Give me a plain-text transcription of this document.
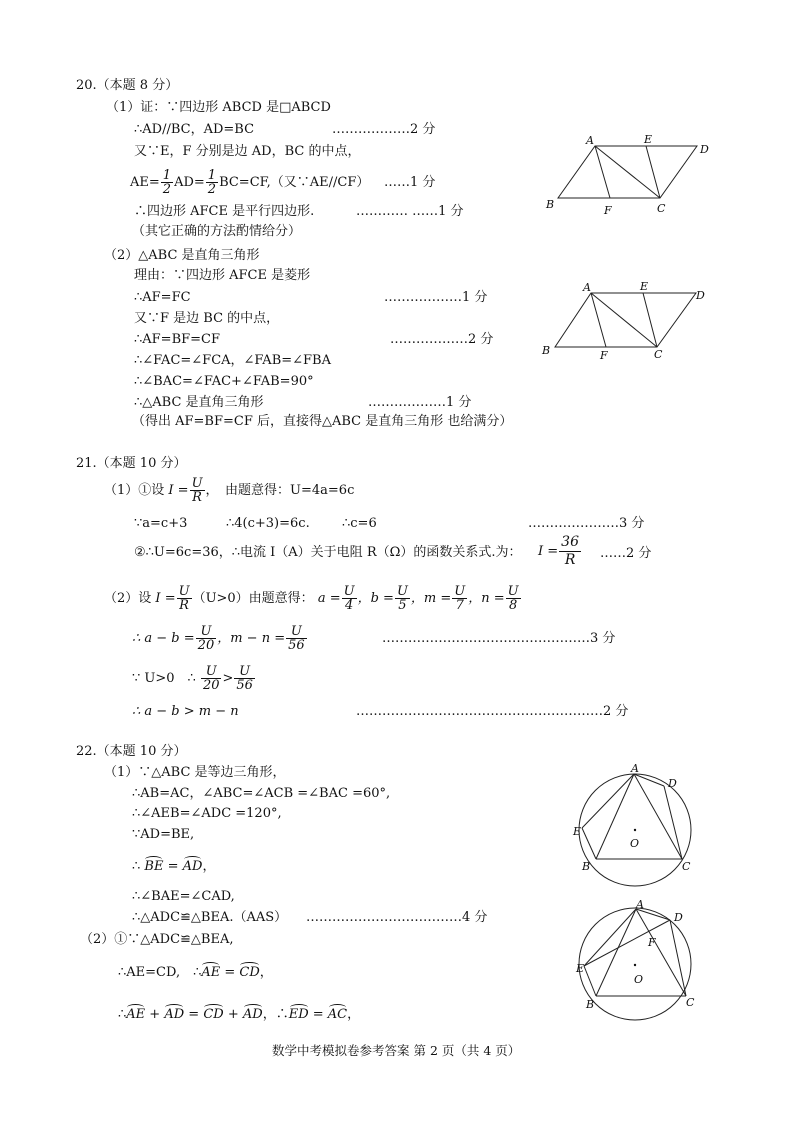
20.（本题 8 分）
（1）证：∵四边形 ABCD 是□ABCD
∴AD//BC，AD=BC	………………2 分
又∵E，F 分别是边 AD，BC 的中点，
$AE= \frac{1}{2} AD= \frac{1}{2} BC=CF$,（又∵AE//CF） ……1 分
∴四边形 AFCE 是平行四边形.	………… ……1 分
（其它正确的方法酌情给分）
（2）△ABC 是直角三角形
理由：∵四边形 AFCE 是菱形
∴AF=FC	………………1 分
又∵F 是边 BC 的中点，
∴AF=BF=CF	………………2 分
∴∠FAC=∠FCA，∠FAB=∠FBA
∴∠BAC=∠FAC+∠FAB=90°
∴△ABC 是直角三角形	………………1 分
（得出 AF=BF=CF 后，直接得△ABC 是直角三角形 也给满分）
A	E
D
B	F	C
A	E
D
B	F	C
21.（本题 10 分）
（1）①设 $I = \frac{U}{R}$ ，　由题意得：U=4a=6c
∵a=c+3	∴4(c+3)=6c. ∴c=6	…………………3 分
②∴U=6c=36，∴电流 I（A）关于电阻 R（Ω）的函数关系式.为： $I = \frac{36}{R}$ ……2 分
（2）设 $I = \frac{U}{R} (U>0)$由题意得： $a = \frac{U}{4}$ ，$b = \frac{U}{5}$ ，$m = \frac{U}{7}$ ，$n = \frac{U}{8}$
∴ $a - b = \frac{U}{20}$ ，$m - n = \frac{U}{56}$	…………………………………………3 分
∵ U>0　∴ $\frac{U}{20} > \frac{U}{56}$
∴ a − b > m − n	…………………………………………………2 分
22.（本题 10 分）
（1）∵△ABC 是等边三角形，
∴AB=AC，∠ABC=∠ACB =∠BAC =60°,
∴∠AEB=∠ADC =120°,
∵AD=BE,
∴ BE = AD，
∴∠BAE=∠CAD,
∴△ADC≌△BEA.（AAS） ………………………………4 分
（2）①∵△ADC≌△BEA,
∴AE=CD,　∴AE = CD，
∴AE + AD = CD + AD，∴ED = AC，
A
D
E
O
B	C
A
D
F
E
O
B	C
数学中考模拟卷参考答案 第 2 页（共 4 页）
